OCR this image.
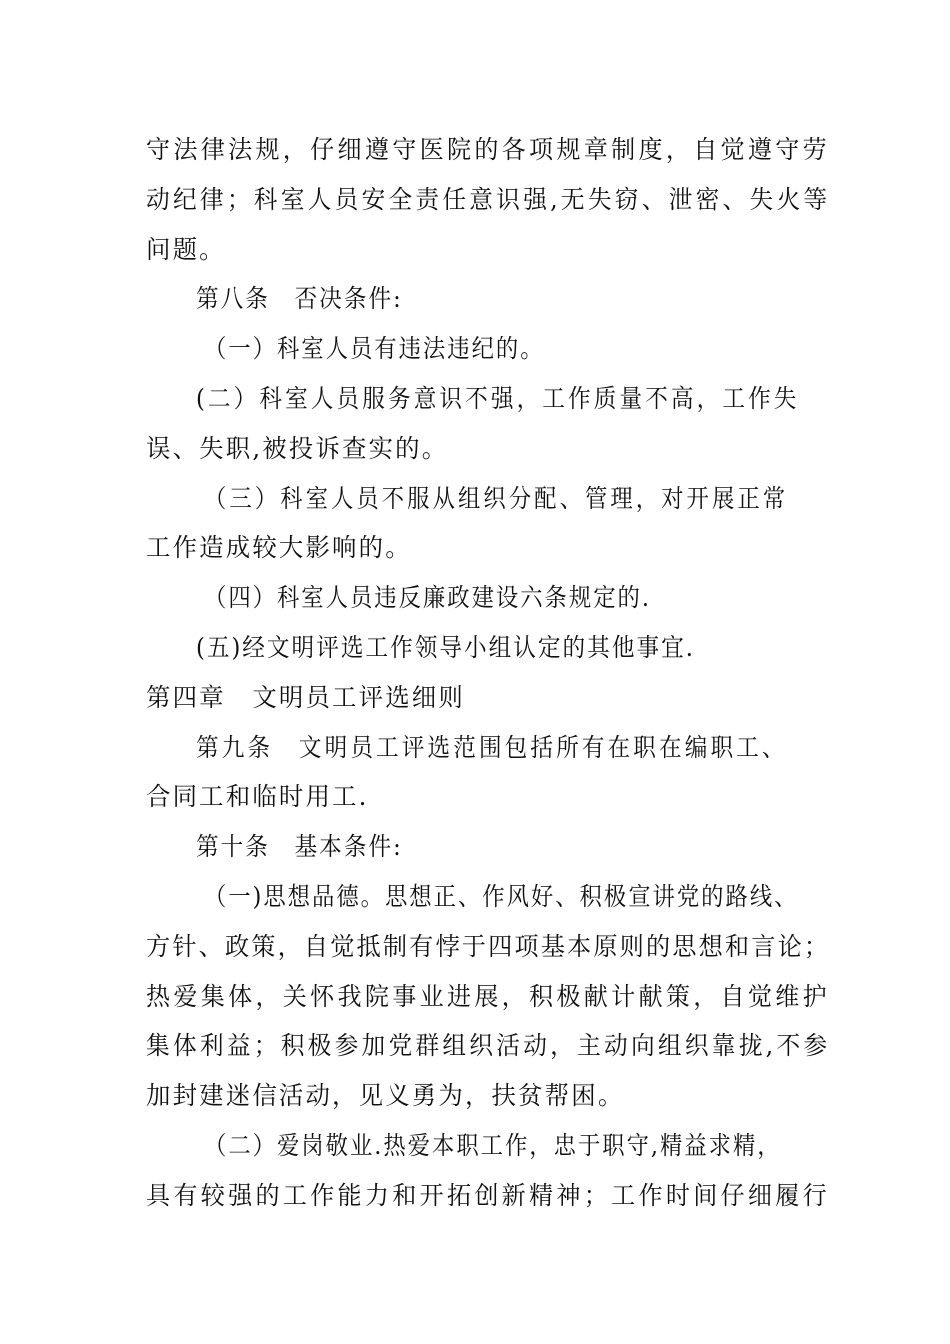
守法律法规，仔细遵守医院的各项规章制度，自觉遵守劳
动纪律；科室人员安全责任意识强,无失窃、泄密、失火等
问题。
第八条　否决条件:
（一）科室人员有违法违纪的。
(二）科室人员服务意识不强，工作质量不高，工作失
误、失职,被投诉查实的。
（三）科室人员不服从组织分配、管理，对开展正常
工作造成较大影响的。
（四）科室人员违反廉政建设六条规定的.
(五)经文明评选工作领导小组认定的其他事宜.
第四章　文明员工评选细则
第九条　文明员工评选范围包括所有在职在编职工、
合同工和临时用工.
第十条　基本条件:
（一)思想品德。思想正、作风好、积极宣讲党的路线、
方针、政策，自觉抵制有悖于四项基本原则的思想和言论；
热爱集体，关怀我院事业进展，积极献计献策，自觉维护
集体利益；积极参加党群组织活动，主动向组织靠拢,不参
加封建迷信活动，见义勇为，扶贫帮困。
（二）爱岗敬业.热爱本职工作，忠于职守,精益求精，
具有较强的工作能力和开拓创新精神；工作时间仔细履行
